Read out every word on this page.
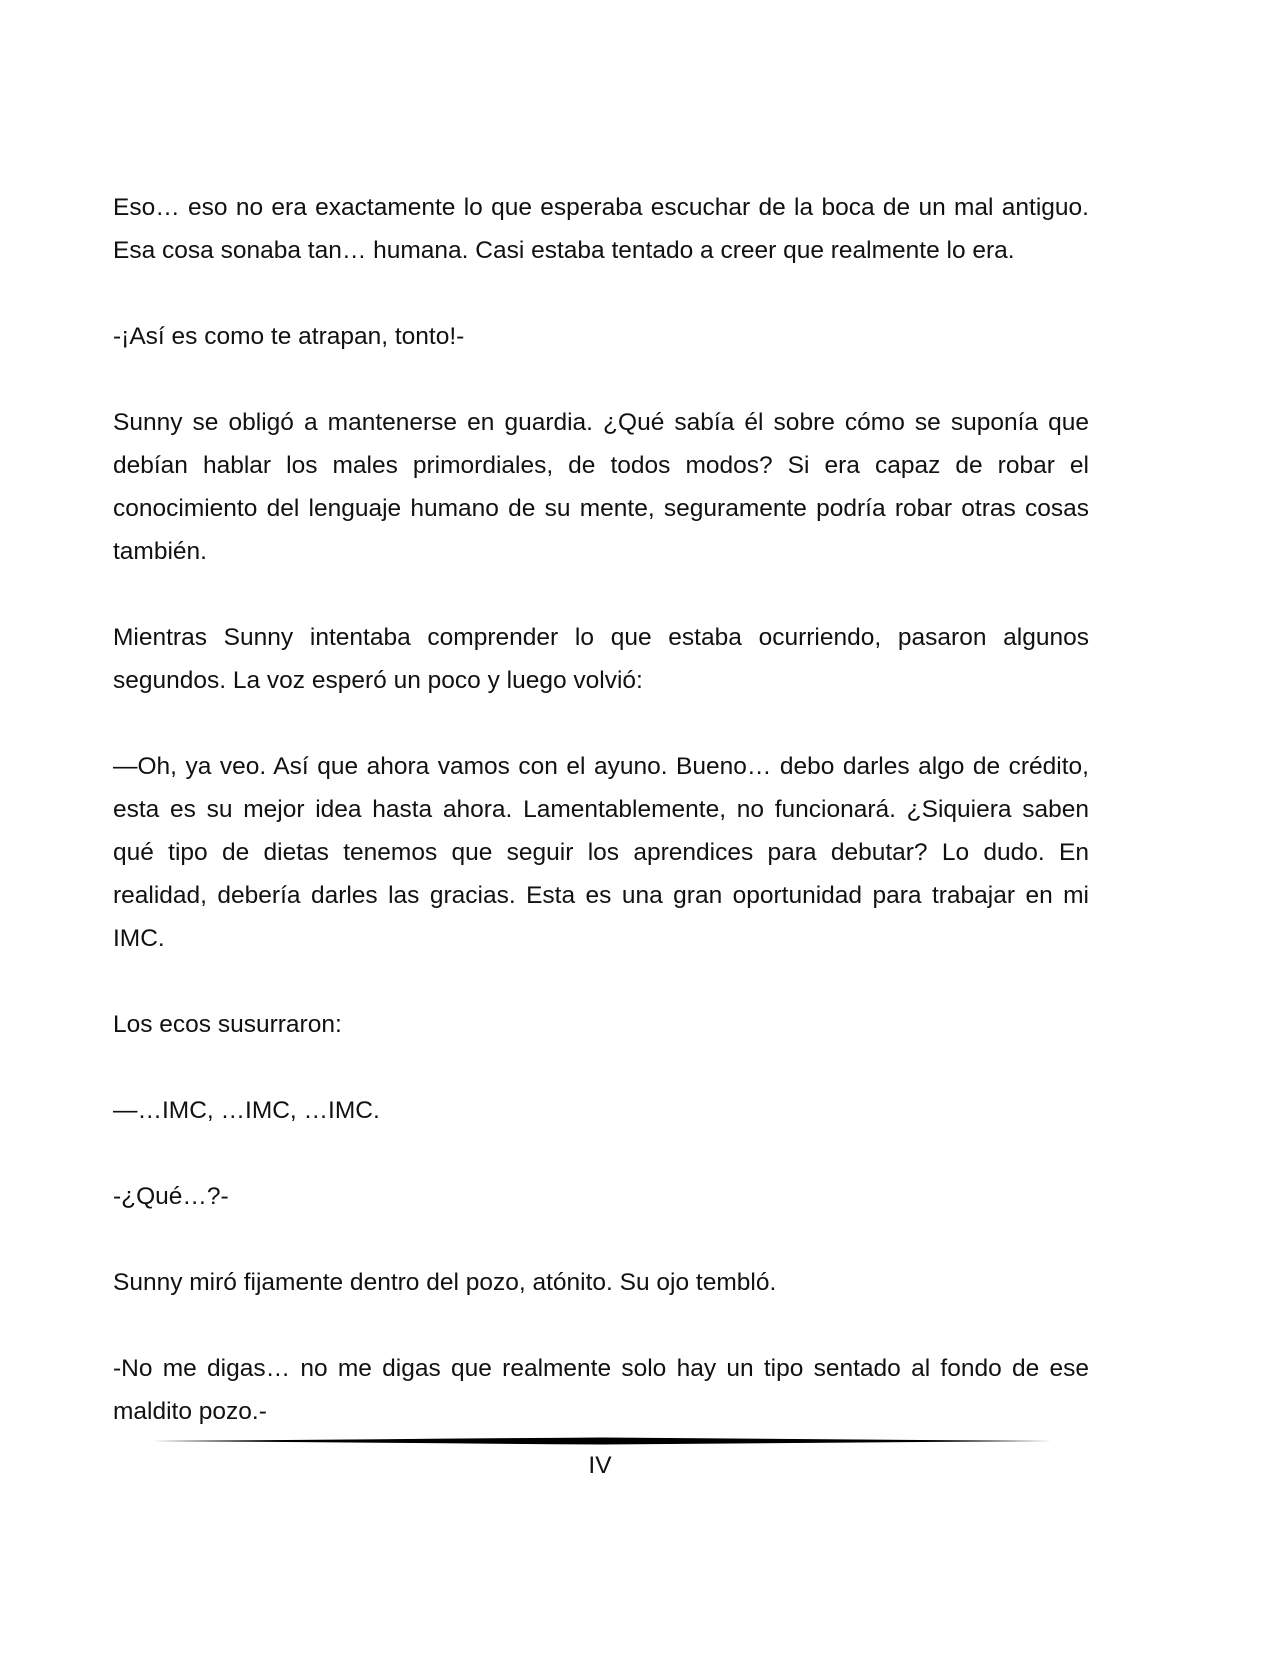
Eso… eso no era exactamente lo que esperaba escuchar de la boca de un mal antiguo. Esa cosa sonaba tan… humana. Casi estaba tentado a creer que realmente lo era.

-¡Así es como te atrapan, tonto!-

Sunny se obligó a mantenerse en guardia. ¿Qué sabía él sobre cómo se suponía que debían hablar los males primordiales, de todos modos? Si era capaz de robar el conocimiento del lenguaje humano de su mente, seguramente podría robar otras cosas también.

Mientras Sunny intentaba comprender lo que estaba ocurriendo, pasaron algunos segundos. La voz esperó un poco y luego volvió:

—Oh, ya veo. Así que ahora vamos con el ayuno. Bueno… debo darles algo de crédito, esta es su mejor idea hasta ahora. Lamentablemente, no funcionará. ¿Siquiera saben qué tipo de dietas tenemos que seguir los aprendices para debutar? Lo dudo. En realidad, debería darles las gracias. Esta es una gran oportunidad para trabajar en mi IMC.

Los ecos susurraron:

—…IMC, …IMC, …IMC.

-¿Qué…?-

Sunny miró fijamente dentro del pozo, atónito. Su ojo tembló.

-No me digas… no me digas que realmente solo hay un tipo sentado al fondo de ese maldito pozo.-

IV
